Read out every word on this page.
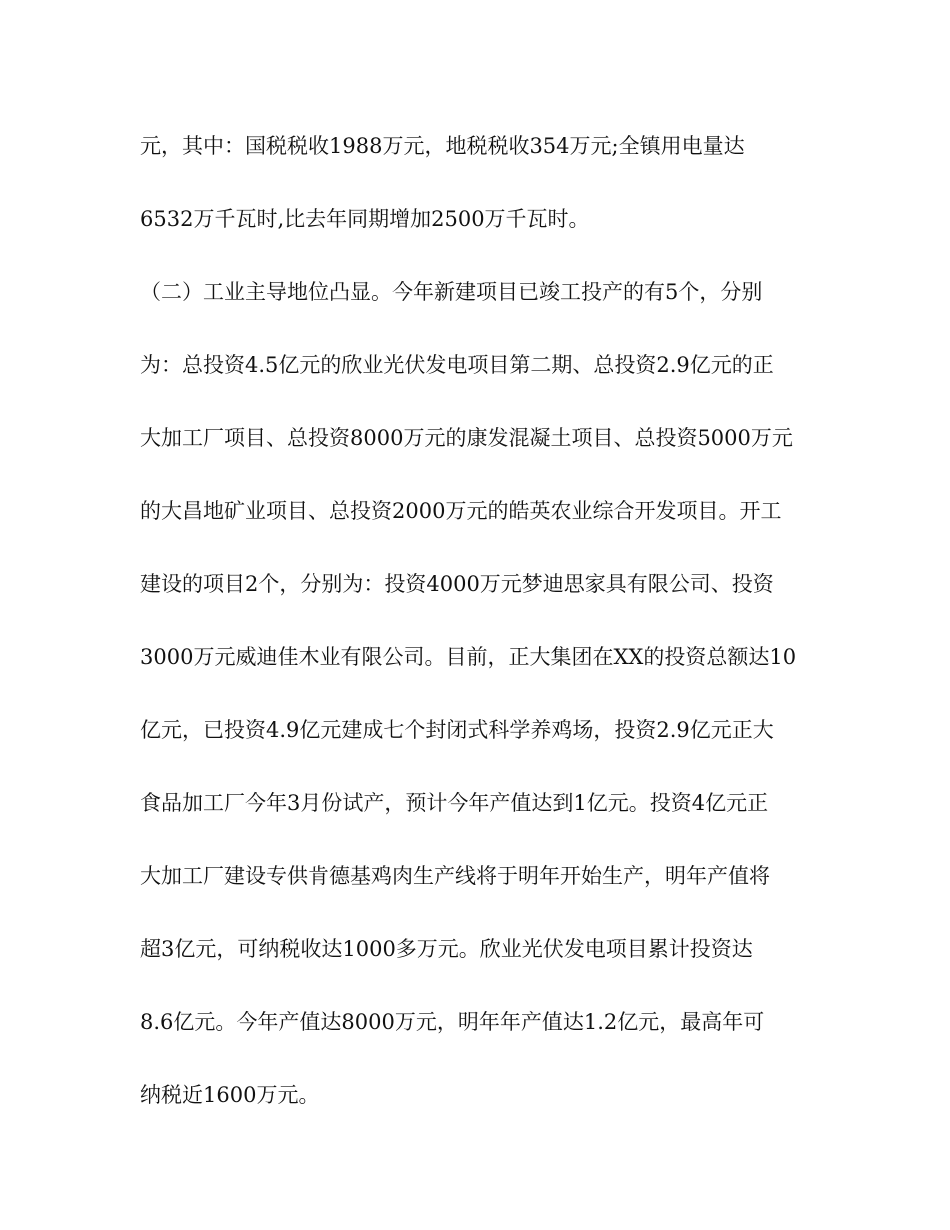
元，其中：国税税收1988万元，地税税收354万元;全镇用电量达
6532万千瓦时,比去年同期增加2500万千瓦时。
（二）工业主导地位凸显。今年新建项目已竣工投产的有5个，分别
为：总投资4.5亿元的欣业光伏发电项目第二期、总投资2.9亿元的正
大加工厂项目、总投资8000万元的康发混凝土项目、总投资5000万元
的大昌地矿业项目、总投资2000万元的皓英农业综合开发项目。开工
建设的项目2个，分别为：投资4000万元梦迪思家具有限公司、投资
3000万元威迪佳木业有限公司。目前，正大集团在XX的投资总额达10
亿元，已投资4.9亿元建成七个封闭式科学养鸡场，投资2.9亿元正大
食品加工厂今年3月份试产，预计今年产值达到1亿元。投资4亿元正
大加工厂建设专供肯德基鸡肉生产线将于明年开始生产，明年产值将
超3亿元，可纳税收达1000多万元。欣业光伏发电项目累计投资达
8.6亿元。今年产值达8000万元，明年年产值达1.2亿元，最高年可
纳税近1600万元。
